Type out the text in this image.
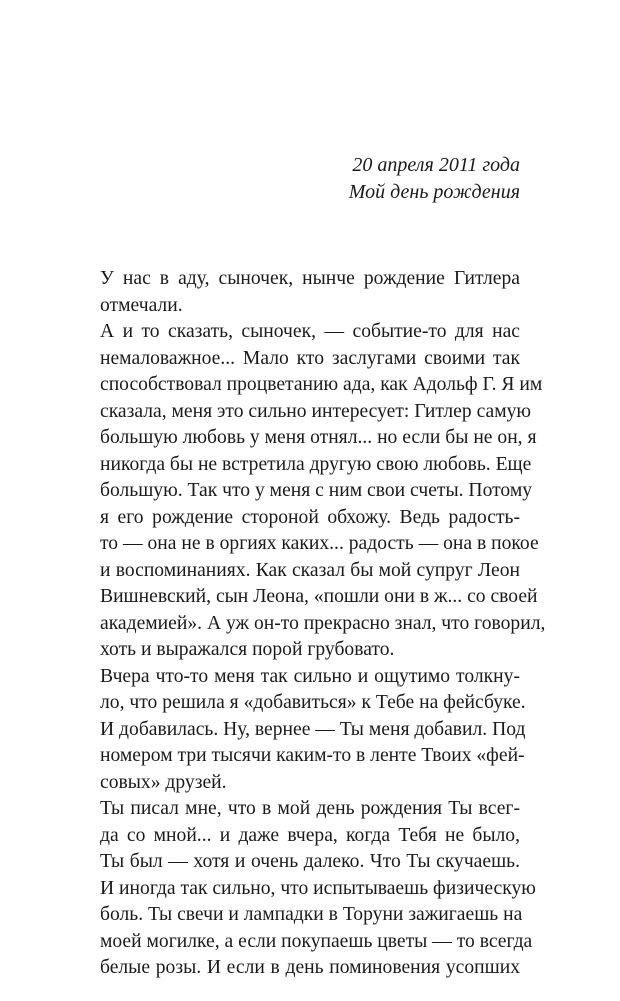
20 апреля 2011 года
Мой день рождения
У нас в аду, сыночек, нынче рождение Гитлера
отмечали.
А и то сказать, сыночек, — событие-то для нас
немаловажное... Мало кто заслугами своими так
способствовал процветанию ада, как Адольф Г. Я им
сказала, меня это сильно интересует: Гитлер самую
большую любовь у меня отнял... но если бы не он, я
никогда бы не встретила другую свою любовь. Еще
большую. Так что у меня с ним свои счеты. Потому
я его рождение стороной обхожу. Ведь радость-
то — она не в оргиях каких... радость — она в покое
и воспоминаниях. Как сказал бы мой супруг Леон
Вишневский, сын Леона, «пошли они в ж... со своей
академией». А уж он-то прекрасно знал, что говорил,
хоть и выражался порой грубовато.
Вчера что-то меня так сильно и ощутимо толкну-
ло, что решила я «добавиться» к Тебе на фейсбуке.
И добавилась. Ну, вернее — Ты меня добавил. Под
номером три тысячи каким-то в ленте Твоих «фей-
совых» друзей.
Ты писал мне, что в мой день рождения Ты всег-
да со мной... и даже вчера, когда Тебя не было,
Ты был — хотя и очень далеко. Что Ты скучаешь.
И иногда так сильно, что испытываешь физическую
боль. Ты свечи и лампадки в Торуни зажигаешь на
моей могилке, а если покупаешь цветы — то всегда
белые розы. И если в день поминовения усопших
